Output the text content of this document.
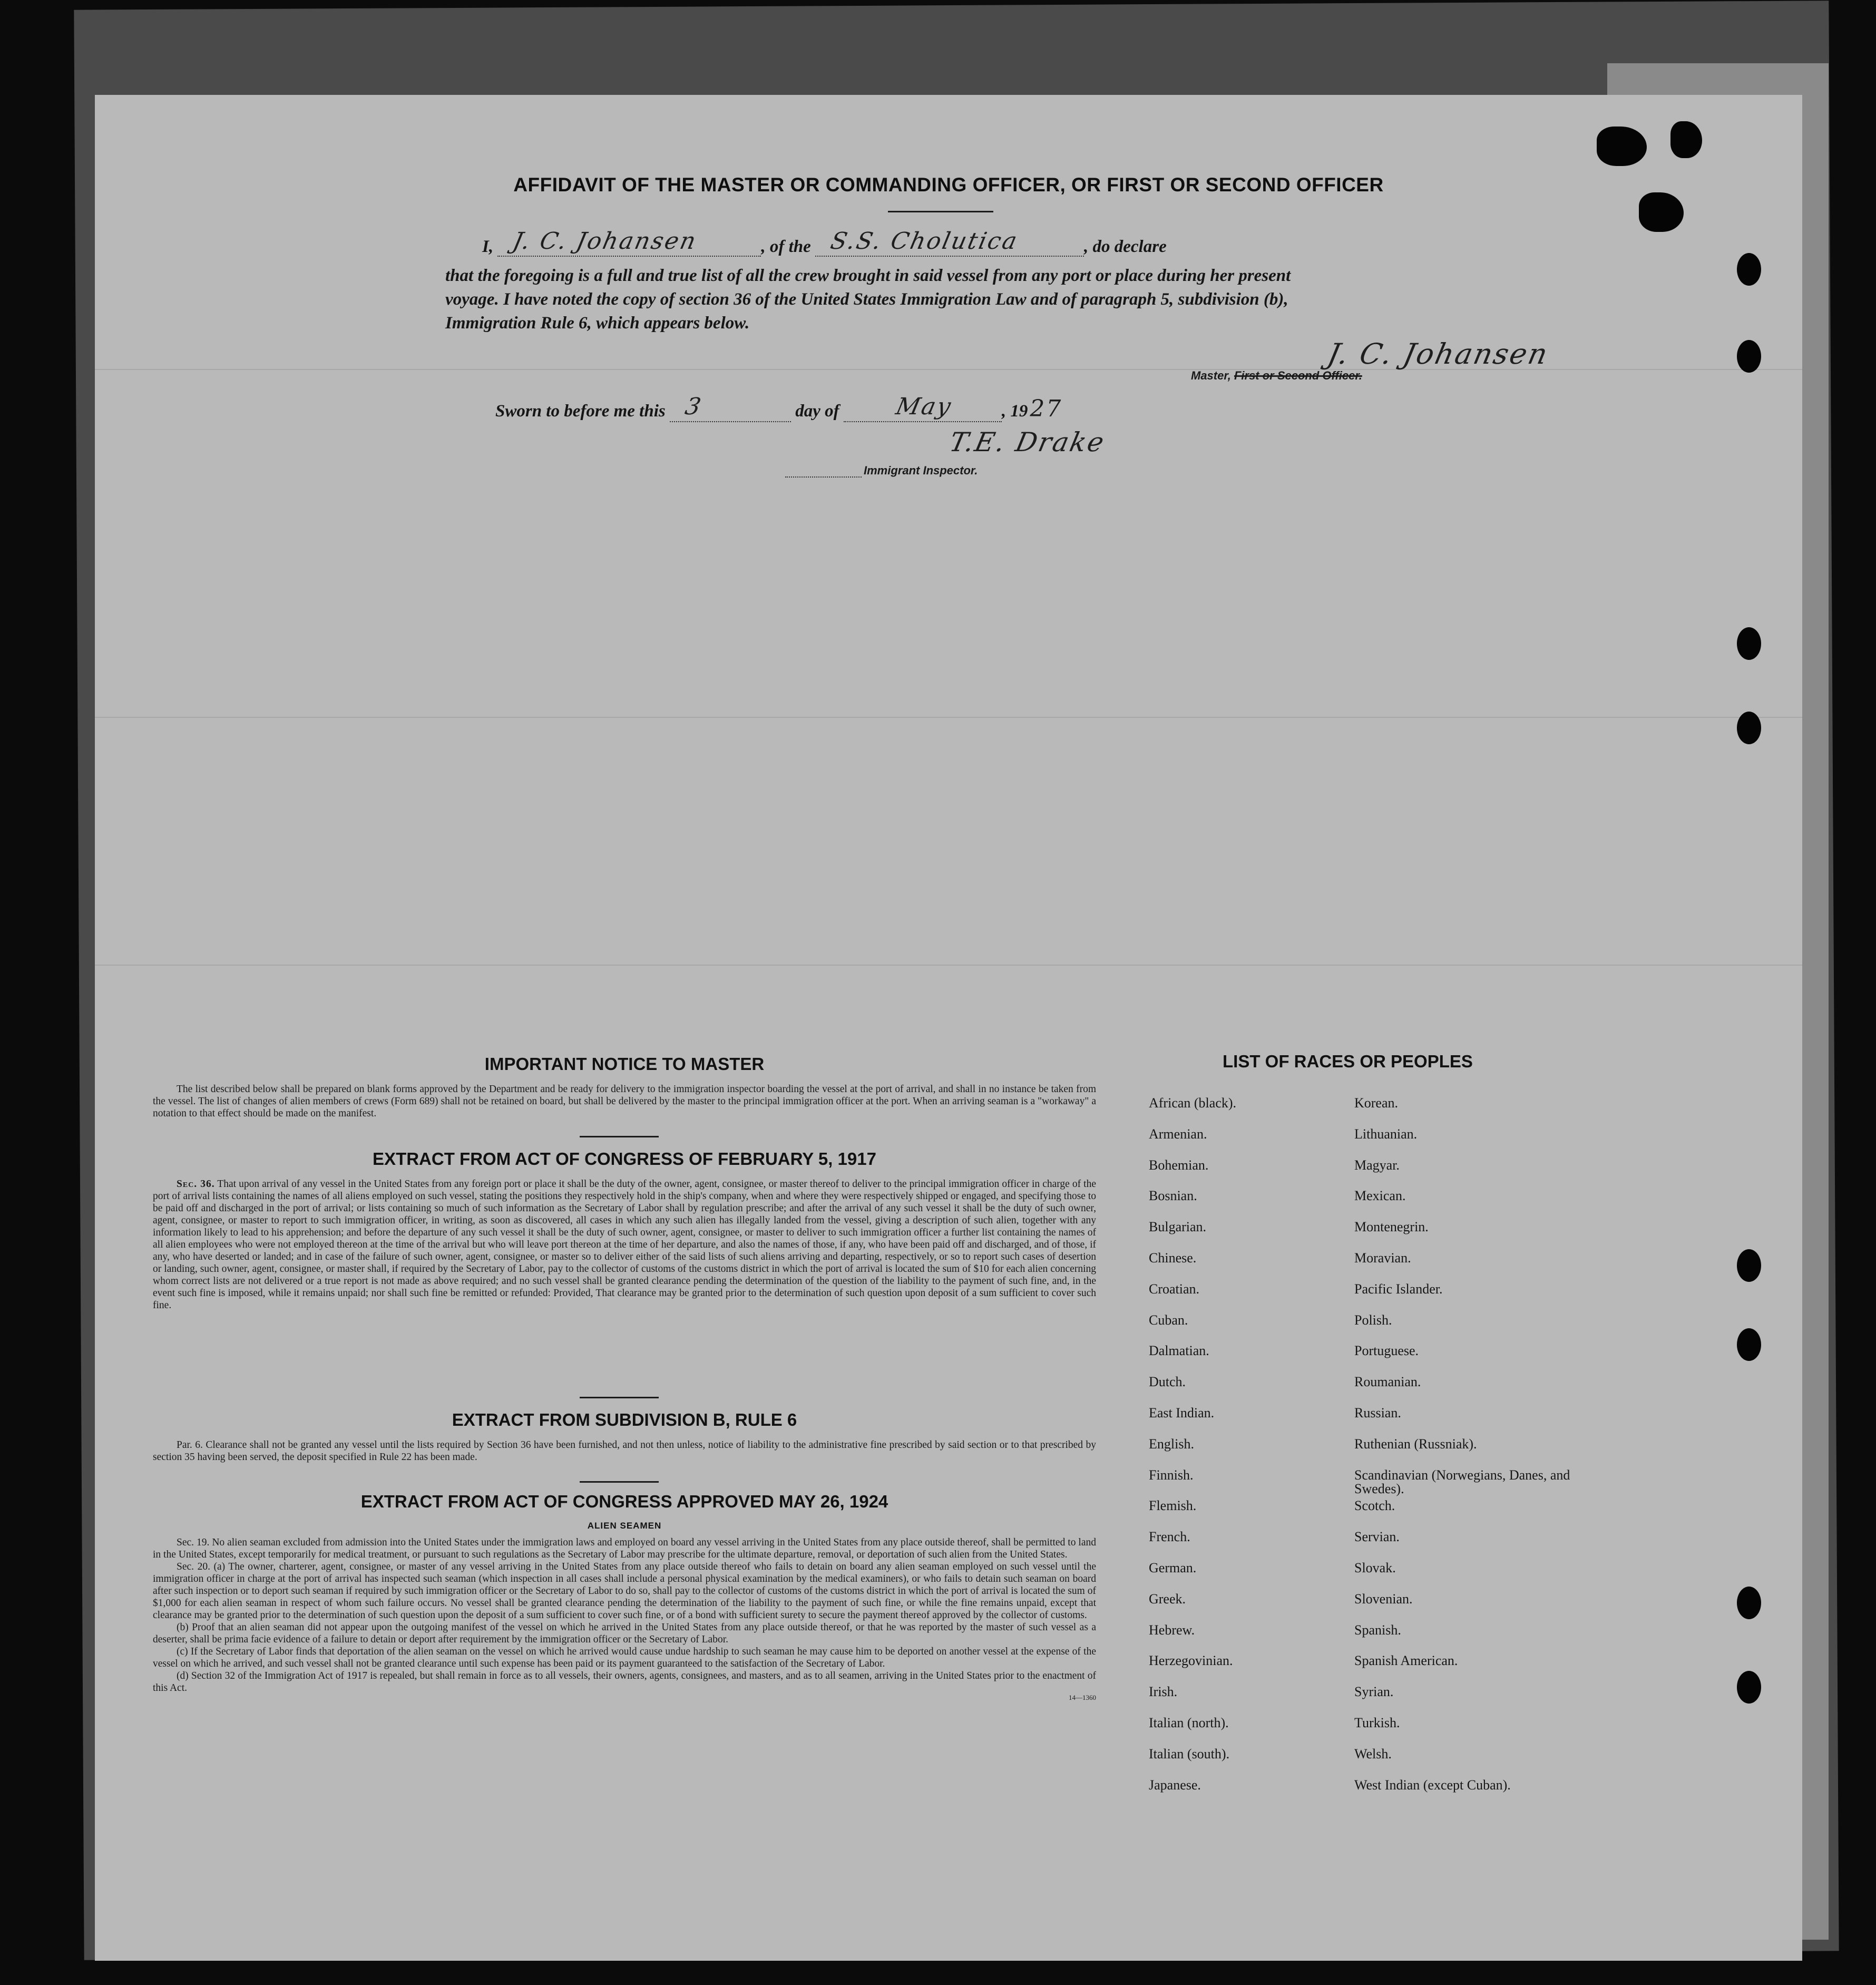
AFFIDAVIT OF THE MASTER OR COMMANDING OFFICER, OR FIRST OR SECOND OFFICER
I, J. C. Johansen	, of the S.S. Cholutica	, do declare
that the foregoing is a full and true list of all the crew brought in said vessel from any port or place during her present
voyage. I have noted the copy of section 36 of the United States Immigration Law and of paragraph 5, subdivision (b),
Immigration Rule 6, which appears below.
J. C. Johansen
Master, First or Second Officer.
Sworn to before me this 3	day of May	, 1927
T.E. Drake
Immigrant Inspector.
IMPORTANT NOTICE TO MASTER

The list described below shall be prepared on blank forms approved by the Department and be ready for delivery to the immigration inspector boarding the vessel at the port of arrival, and shall in no instance be taken from the vessel. The list of changes of alien members of crews (Form 689) shall not be retained on board, but shall be delivered by the master to the principal immigration officer at the port. When an arriving seaman is a "workaway" a notation to that effect should be made on the manifest.

EXTRACT FROM ACT OF CONGRESS OF FEBRUARY 5, 1917

Sec. 36. That upon arrival of any vessel in the United States from any foreign port or place it shall be the duty of the owner, agent, consignee, or master thereof to deliver to the principal immigration officer in charge of the port of arrival lists containing the names of all aliens employed on such vessel, stating the positions they respectively hold in the ship's company, when and where they were respectively shipped or engaged, and specifying those to be paid off and discharged in the port of arrival; or lists containing so much of such information as the Secretary of Labor shall by regulation prescribe; and after the arrival of any such vessel it shall be the duty of such owner, agent, consignee, or master to report to such immigration officer, in writing, as soon as discovered, all cases in which any such alien has illegally landed from the vessel, giving a description of such alien, together with any information likely to lead to his apprehension; and before the departure of any such vessel it shall be the duty of such owner, agent, consignee, or master to deliver to such immigration officer a further list containing the names of all alien employees who were not employed thereon at the time of the arrival but who will leave port thereon at the time of her departure, and also the names of those, if any, who have been paid off and discharged, and of those, if any, who have deserted or landed; and in case of the failure of such owner, agent, consignee, or master so to deliver either of the said lists of such aliens arriving and departing, respectively, or so to report such cases of desertion or landing, such owner, agent, consignee, or master shall, if required by the Secretary of Labor, pay to the collector of customs of the customs district in which the port of arrival is located the sum of $10 for each alien concerning whom correct lists are not delivered or a true report is not made as above required; and no such vessel shall be granted clearance pending the determination of the question of the liability to the payment of such fine, and, in the event such fine is imposed, while it remains unpaid; nor shall such fine be remitted or refunded: Provided, That clearance may be granted prior to the determination of such question upon deposit of a sum sufficient to cover such fine.

EXTRACT FROM SUBDIVISION B, RULE 6

Par. 6. Clearance shall not be granted any vessel until the lists required by Section 36 have been furnished, and not then unless, notice of liability to the administrative fine prescribed by said section or to that prescribed by section 35 having been served, the deposit specified in Rule 22 has been made.

EXTRACT FROM ACT OF CONGRESS APPROVED MAY 26, 1924
ALIEN SEAMEN

Sec. 19. No alien seaman excluded from admission into the United States under the immigration laws and employed on board any vessel arriving in the United States from any place outside thereof, shall be permitted to land in the United States, except temporarily for medical treatment, or pursuant to such regulations as the Secretary of Labor may prescribe for the ultimate departure, removal, or deportation of such alien from the United States.

Sec. 20. (a) The owner, charterer, agent, consignee, or master of any vessel arriving in the United States from any place outside thereof who fails to detain on board any alien seaman employed on such vessel until the immigration officer in charge at the port of arrival has inspected such seaman (which inspection in all cases shall include a personal physical examination by the medical examiners), or who fails to detain such seaman on board after such inspection or to deport such seaman if required by such immigration officer or the Secretary of Labor to do so, shall pay to the collector of customs of the customs district in which the port of arrival is located the sum of $1,000 for each alien seaman in respect of whom such failure occurs. No vessel shall be granted clearance pending the determination of the liability to the payment of such fine, or while the fine remains unpaid, except that clearance may be granted prior to the determination of such question upon the deposit of a sum sufficient to cover such fine, or of a bond with sufficient surety to secure the payment thereof approved by the collector of customs.

(b) Proof that an alien seaman did not appear upon the outgoing manifest of the vessel on which he arrived in the United States from any place outside thereof, or that he was reported by the master of such vessel as a deserter, shall be prima facie evidence of a failure to detain or deport after requirement by the immigration officer or the Secretary of Labor.

(c) If the Secretary of Labor finds that deportation of the alien seaman on the vessel on which he arrived would cause undue hardship to such seaman he may cause him to be deported on another vessel at the expense of the vessel on which he arrived, and such vessel shall not be granted clearance until such expense has been paid or its payment guaranteed to the satisfaction of the Secretary of Labor.

(d) Section 32 of the Immigration Act of 1917 is repealed, but shall remain in force as to all vessels, their owners, agents, consignees, and masters, and as to all seamen, arriving in the United States prior to the enactment of this Act.

14—1360
LIST OF RACES OR PEOPLES
African (black).
Armenian.
Bohemian.
Bosnian.
Bulgarian.
Chinese.
Croatian.
Cuban.
Dalmatian.
Dutch.
East Indian.
English.
Finnish.
Flemish.
French.
German.
Greek.
Hebrew.
Herzegovinian.
Irish.
Italian (north).
Italian (south).
Japanese.
Korean.
Lithuanian.
Magyar.
Mexican.
Montenegrin.
Moravian.
Pacific Islander.
Polish.
Portuguese.
Roumanian.
Russian.
Ruthenian (Russniak).
Scandinavian (Norwegians, Danes, and Swedes).
Scotch.
Servian.
Slovak.
Slovenian.
Spanish.
Spanish American.
Syrian.
Turkish.
Welsh.
West Indian (except Cuban).
